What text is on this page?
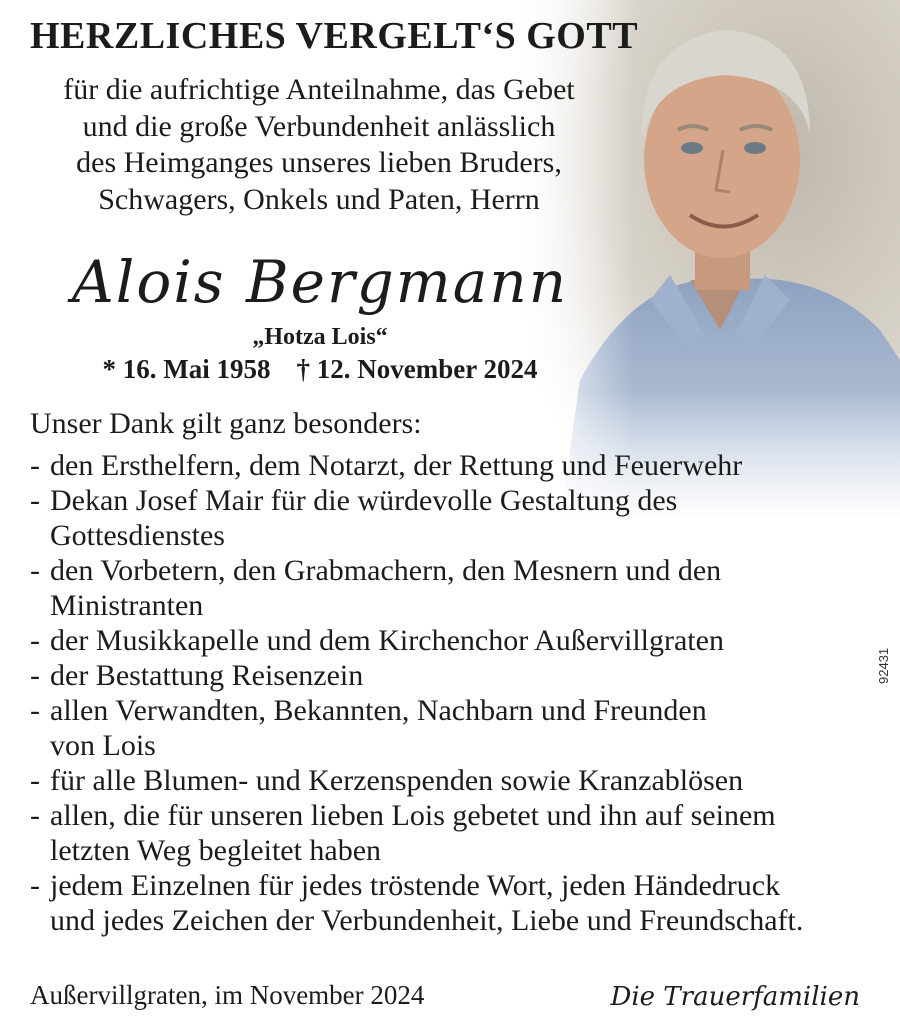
HERZLICHES VERGELT‘S GOTT
für die aufrichtige Anteilnahme, das Gebet
und die große Verbundenheit anlässlich
des Heimganges unseres lieben Bruders,
Schwagers, Onkels und Paten, Herrn
Alois Bergmann
„Hotza Lois“
* 16. Mai 1958 † 12. November 2024
Unser Dank gilt ganz besonders:
- den Ersthelfern, dem Notarzt, der Rettung und Feuerwehr
- Dekan Josef Mair für die würdevolle Gestaltung des
Gottesdienstes
- den Vorbetern, den Grabmachern, den Mesnern und den
Ministranten
- der Musikkapelle und dem Kirchenchor Außervillgraten
- der Bestattung Reisenzein
- allen Verwandten, Bekannten, Nachbarn und Freunden
von Lois
- für alle Blumen- und Kerzenspenden sowie Kranzablösen
- allen, die für unseren lieben Lois gebetet und ihn auf seinem
letzten Weg begleitet haben
- jedem Einzelnen für jedes tröstende Wort, jeden Händedruck
und jedes Zeichen der Verbundenheit, Liebe und Freundschaft.
92431
Außervillgraten, im November 2024	Die Trauerfamilien
